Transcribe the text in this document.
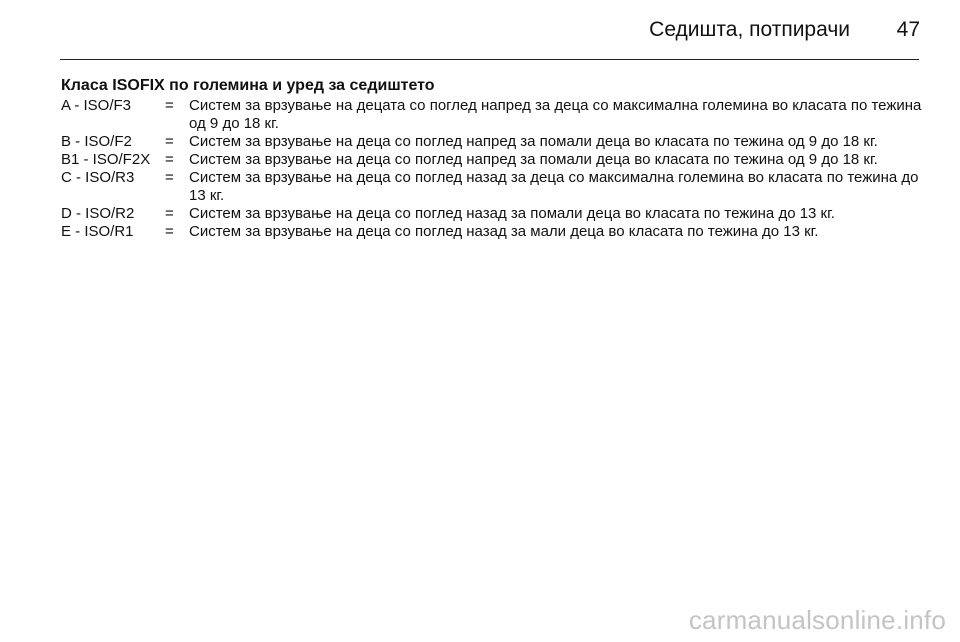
Седишта, потпирачи 47
Класа ISOFIX по големина и уред за седиштето
A - ISO/F3	=	Систем за врзување на децата со поглед напред за деца со максимална големина во класата по тежина од 9 до 18 кг.
B - ISO/F2	=	Систем за врзување на деца со поглед напред за помали деца во класата по тежина од 9 до 18 кг.
B1 - ISO/F2X =	Систем за врзување на деца со поглед напред за помали деца во класата по тежина од 9 до 18 кг.
C - ISO/R3	=	Систем за врзување на деца со поглед назад за деца со максимална големина во класата по тежина до 13 кг.
D - ISO/R2	=	Систем за врзување на деца со поглед назад за помали деца во класата по тежина до 13 кг.
E - ISO/R1	=	Систем за врзување на деца со поглед назад за мали деца во класата по тежина до 13 кг.
carmanualsonline.info
